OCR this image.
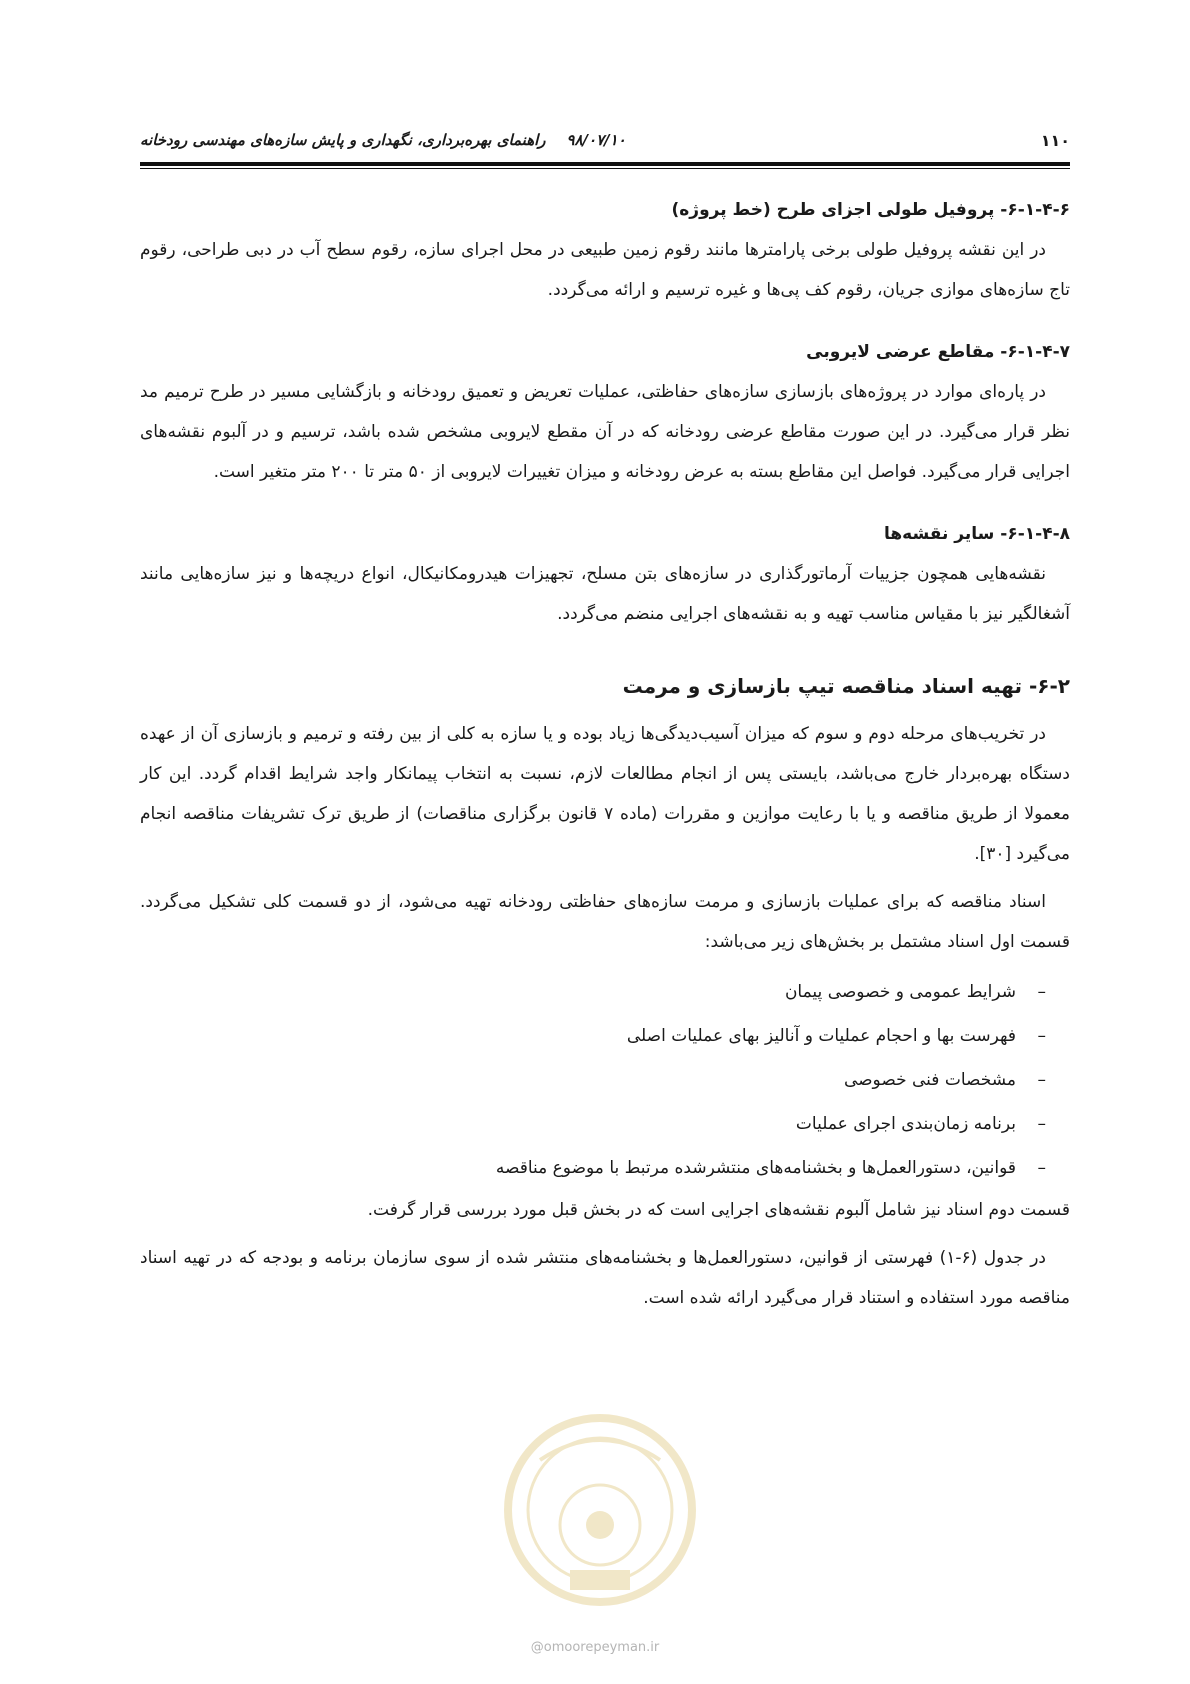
۹۸/۰۷/۱۰    راهنمای بهره‌برداری، نگهداری و پایش سازه‌های مهندسی رودخانه	۱۱۰
۶-۱-۴-۶- پروفیل طولی اجزای طرح (خط پروژه)

در این نقشه پروفیل طولی برخی پارامترها مانند رقوم زمین طبیعی در محل اجرای سازه، رقوم سطح آب در دبی طراحی، رقوم تاج سازه‌های موازی جریان، رقوم کف پی‌ها و غیره ترسیم و ارائه می‌گردد.

۶-۱-۴-۷- مقاطع عرضی لایروبی

در پاره‌ای موارد در پروژه‌های بازسازی سازه‌های حفاظتی، عملیات تعریض و تعمیق رودخانه و بازگشایی مسیر در طرح ترمیم مد نظر قرار می‌گیرد. در این صورت مقاطع عرضی رودخانه که در آن مقطع لایروبی مشخص شده باشد، ترسیم و در آلبوم نقشه‌های اجرایی قرار می‌گیرد. فواصل این مقاطع بسته به عرض رودخانه و میزان تغییرات لایروبی از ۵۰ متر تا ۲۰۰ متر متغیر است.

۶-۱-۴-۸- سایر نقشه‌ها

نقشه‌هایی همچون جزییات آرماتورگذاری در سازه‌های بتن مسلح، تجهیزات هیدرومکانیکال، انواع دریچه‌ها و نیز سازه‌هایی مانند آشغالگیر نیز با مقیاس مناسب تهیه و به نقشه‌های اجرایی منضم می‌گردد.

۶-۲- تهیه اسناد مناقصه تیپ بازسازی و مرمت

در تخریب‌های مرحله دوم و سوم که میزان آسیب‌دیدگی‌ها زیاد بوده و یا سازه به کلی از بین رفته و ترمیم و بازسازی آن از عهده دستگاه بهره‌بردار خارج می‌باشد، بایستی پس از انجام مطالعات لازم، نسبت به انتخاب پیمانکار واجد شرایط اقدام گردد. این کار معمولا از طریق مناقصه و یا با رعایت موازین و مقررات (ماده ۷ قانون برگزاری مناقصات) از طریق ترک تشریفات مناقصه انجام می‌گیرد [۳۰].

اسناد مناقصه که برای عملیات بازسازی و مرمت سازه‌های حفاظتی رودخانه تهیه می‌شود، از دو قسمت کلی تشکیل می‌گردد. قسمت اول اسناد مشتمل بر بخش‌های زیر می‌باشد:

–شرایط عمومی و خصوصی پیمان
–فهرست بها و احجام عملیات و آنالیز بهای عملیات اصلی
–مشخصات فنی خصوصی
–برنامه زمان‌بندی اجرای عملیات
–قوانین، دستورالعمل‌ها و بخشنامه‌های منتشرشده مرتبط با موضوع مناقصه

قسمت دوم اسناد نیز شامل آلبوم نقشه‌های اجرایی است که در بخش قبل مورد بررسی قرار گرفت.

در جدول (۶-۱) فهرستی از قوانین، دستورالعمل‌ها و بخشنامه‌های منتشر شده از سوی سازمان برنامه و بودجه که در تهیه اسناد مناقصه مورد استفاده و استناد قرار می‌گیرد ارائه شده است.

@omoorepeyman.ir
